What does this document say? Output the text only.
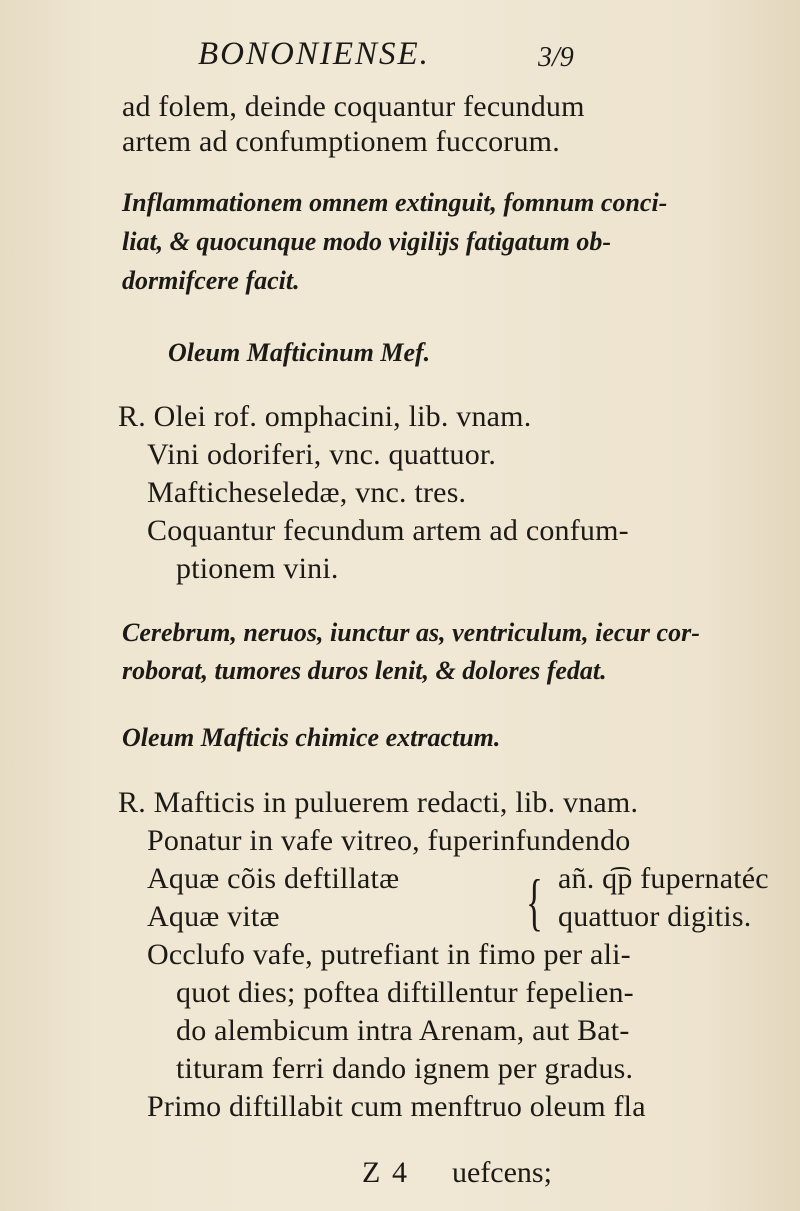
BONONIENSE.	3/9
ad folem, deinde coquantur fecundum
artem ad confumptionem fuccorum.
Inflammationem omnem extinguit, fomnum conci-
liat, & quocunque modo vigilijs fatigatum ob-
dormifcere facit.
Oleum Mafticinum Mef.
R. Olei rof. omphacini, lib. vnam.
Vini odoriferi, vnc. quattuor.
Mafticheseledæ, vnc. tres.
Coquantur fecundum artem ad confum-
ptionem vini.
Cerebrum, neruos, iunctur as, ventriculum, iecur cor-
roborat, tumores duros lenit, & dolores fedat.
Oleum Mafticis chimice extractum.
R. Mafticis in puluerem redacti, lib. vnam.
Ponatur in vafe vitreo, fuperinfundendo
Aquæ cõis deftillatæ { añ. q͡p fupernatéc
Aquæ vitæ	quattuor digitis.
Occlufo vafe, putrefiant in fimo per ali-
quot dies; poftea diftillentur fepelien-
do alembicum intra Arenam, aut Bat-
tituram ferri dando ignem per gradus.
Primo diftillabit cum menftruo oleum fla
Z 4 uefcens;
